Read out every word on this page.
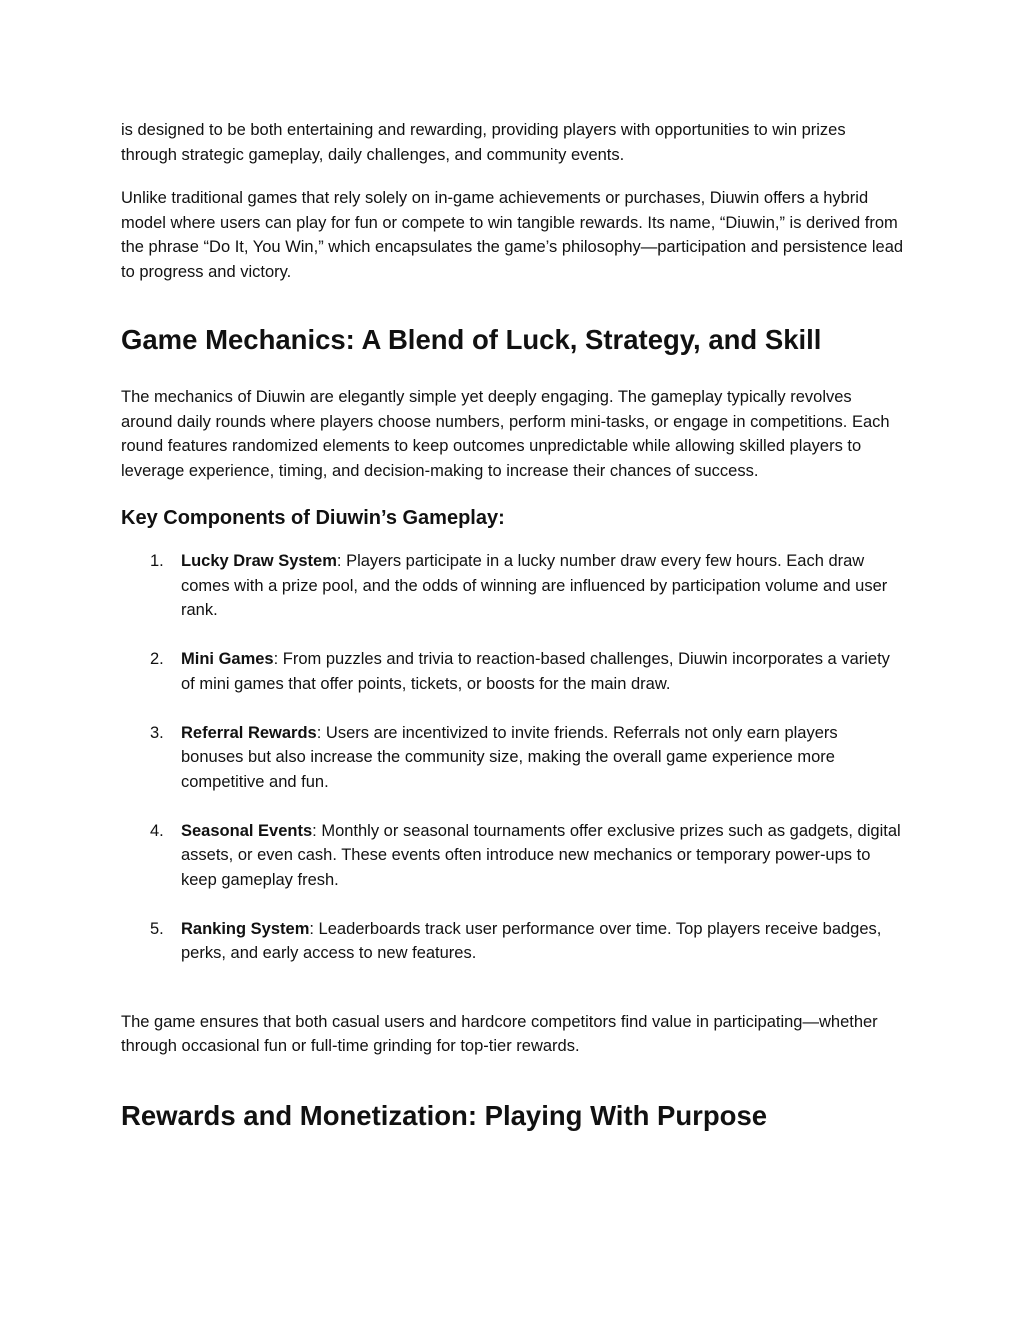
is designed to be both entertaining and rewarding, providing players with opportunities to win prizes through strategic gameplay, daily challenges, and community events.

Unlike traditional games that rely solely on in-game achievements or purchases, Diuwin offers a hybrid model where users can play for fun or compete to win tangible rewards. Its name, “Diuwin,” is derived from the phrase “Do It, You Win,” which encapsulates the game’s philosophy—participation and persistence lead to progress and victory.

Game Mechanics: A Blend of Luck, Strategy, and Skill

The mechanics of Diuwin are elegantly simple yet deeply engaging. The gameplay typically revolves around daily rounds where players choose numbers, perform mini-tasks, or engage in competitions. Each round features randomized elements to keep outcomes unpredictable while allowing skilled players to leverage experience, timing, and decision-making to increase their chances of success.

Key Components of Diuwin’s Gameplay:
1. Lucky Draw System: Players participate in a lucky number draw every few hours. Each draw comes with a prize pool, and the odds of winning are influenced by participation volume and user rank.
2. Mini Games: From puzzles and trivia to reaction-based challenges, Diuwin incorporates a variety of mini games that offer points, tickets, or boosts for the main draw.
3. Referral Rewards: Users are incentivized to invite friends. Referrals not only earn players bonuses but also increase the community size, making the overall game experience more competitive and fun.
4. Seasonal Events: Monthly or seasonal tournaments offer exclusive prizes such as gadgets, digital assets, or even cash. These events often introduce new mechanics or temporary power-ups to keep gameplay fresh.
5. Ranking System: Leaderboards track user performance over time. Top players receive badges, perks, and early access to new features.

The game ensures that both casual users and hardcore competitors find value in participating—whether through occasional fun or full-time grinding for top-tier rewards.

Rewards and Monetization: Playing With Purpose
